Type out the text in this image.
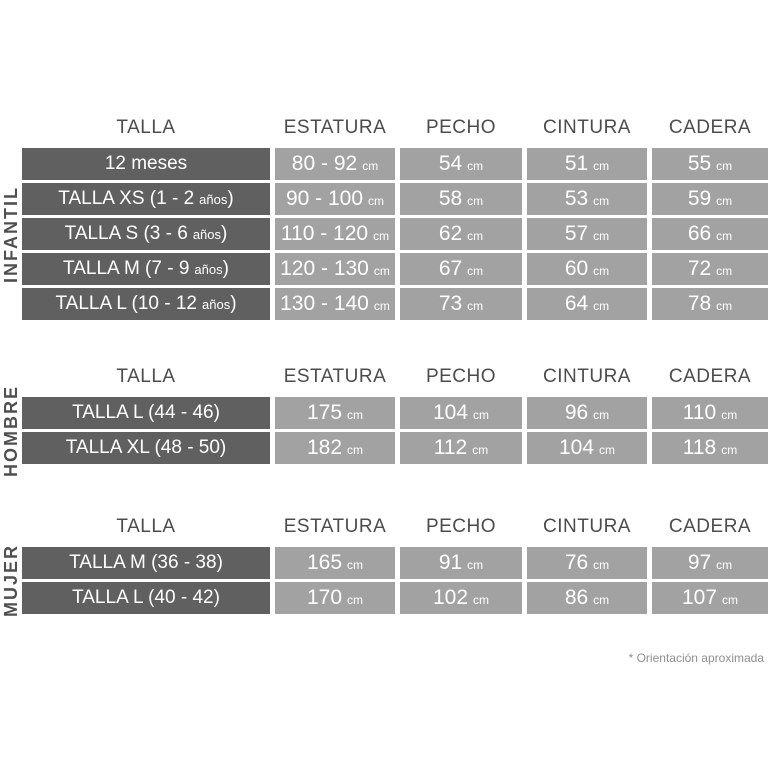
INFANTIL
TALLA	ESTATURA	PECHO	CINTURA	CADERA
12 meses	80 - 92 cm	54 cm	51 cm	55 cm
TALLA XS (1 - 2 años)	90 - 100 cm	58 cm	53 cm	59 cm
TALLA S (3 - 6 años)	110 - 120 cm	62 cm	57 cm	66 cm
TALLA M (7 - 9 años)	120 - 130 cm	67 cm	60 cm	72 cm
TALLA L (10 - 12 años)	130 - 140 cm	73 cm	64 cm	78 cm
HOMBRE
TALLA	ESTATURA	PECHO	CINTURA	CADERA
TALLA L (44 - 46)	175 cm	104 cm	96 cm	110 cm
TALLA XL (48 - 50)	182 cm	112 cm	104 cm	118 cm
MUJER
TALLA	ESTATURA	PECHO	CINTURA	CADERA
TALLA M (36 - 38)	165 cm	91 cm	76 cm	97 cm
TALLA L (40 - 42)	170 cm	102 cm	86 cm	107 cm
* Orientación aproximada
